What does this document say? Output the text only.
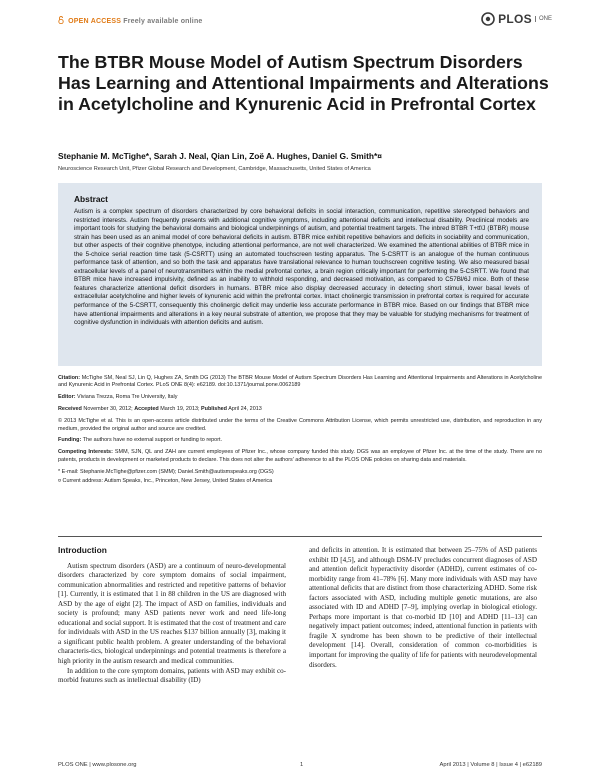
OPEN ACCESS Freely available online	PLOS	ONE
The BTBR Mouse Model of Autism Spectrum Disorders Has Learning and Attentional Impairments and Alterations in Acetylcholine and Kynurenic Acid in Prefrontal Cortex

Stephanie M. McTighe*, Sarah J. Neal, Qian Lin, Zoë A. Hughes, Daniel G. Smith*¤

Neuroscience Research Unit, Pfizer Global Research and Development, Cambridge, Massachusetts, United States of America

Abstract

Autism is a complex spectrum of disorders characterized by core behavioral deficits in social interaction, communication, repetitive stereotyped behaviors and restricted interests. Autism frequently presents with additional cognitive symptoms, including attentional deficits and intellectual disability. Preclinical models are important tools for studying the behavioral domains and biological underpinnings of autism, and potential treatment targets. The inbred BTBR T+tf/J (BTBR) mouse strain has been used as an animal model of core behavioral deficits in autism. BTBR mice exhibit repetitive behaviors and deficits in sociability and communication, but other aspects of their cognitive phenotype, including attentional performance, are not well characterized. We examined the attentional abilities of BTBR mice in the 5-choice serial reaction time task (5-CSRTT) using an automated touchscreen testing apparatus. The 5-CSRTT is an analogue of the human continuous performance task of attention, and so both the task and apparatus have translational relevance to human touchscreen cognitive testing. We also measured basal extracellular levels of a panel of neurotransmitters within the medial prefrontal cortex, a brain region critically important for performing the 5-CSRTT. We found that BTBR mice have increased impulsivity, defined as an inability to withhold responding, and decreased motivation, as compared to C57Bl/6J mice. Both of these features characterize attentional deficit disorders in humans. BTBR mice also display decreased accuracy in detecting short stimuli, lower basal levels of extracellular acetylcholine and higher levels of kynurenic acid within the prefrontal cortex. Intact cholinergic transmission in prefrontal cortex is required for accurate performance of the 5-CSRTT, consequently this cholinergic deficit may underlie less accurate performance in BTBR mice. Based on our findings that BTBR mice have attentional impairments and alterations in a key neural substrate of attention, we propose that they may be valuable for studying mechanisms for treatment of cognitive dysfunction in individuals with attention deficits and autism.

Citation: McTighe SM, Neal SJ, Lin Q, Hughes ZA, Smith DG (2013) The BTBR Mouse Model of Autism Spectrum Disorders Has Learning and Attentional Impairments and Alterations in Acetylcholine and Kynurenic Acid in Prefrontal Cortex. PLoS ONE 8(4): e62189. doi:10.1371/journal.pone.0062189

Editor: Viviana Trezza, Roma Tre University, Italy

Received November 30, 2012; Accepted March 19, 2013; Published April 24, 2013

© 2013 McTighe et al. This is an open-access article distributed under the terms of the Creative Commons Attribution License, which permits unrestricted use, distribution, and reproduction in any medium, provided the original author and source are credited.

Funding: The authors have no external support or funding to report.

Competing Interests: SMM, SJN, QL and ZAH are current employees of Pfizer Inc., whose company funded this study. DGS was an employee of Pfizer Inc. at the time of the study. There are no patents, products in development or marketed products to declare. This does not alter the authors' adherence to all the PLOS ONE policies on sharing data and materials.

* E-mail: Stephanie.McTighe@pfizer.com (SMM); Daniel.Smith@autismspeaks.org (DGS)

¤ Current address: Autism Speaks, Inc., Princeton, New Jersey, United States of America

Introduction

Autism spectrum disorders (ASD) are a continuum of neuro-developmental disorders characterized by core symptom domains of social impairment, communication abnormalities and restricted and repetitive patterns of behavior [1]. Currently, it is estimated that 1 in 88 children in the US are diagnosed with ASD by the age of eight [2]. The impact of ASD on families, individuals and society is profound; many ASD patients never work and need life-long educational and social support. It is estimated that the cost of treatment and care for individuals with ASD in the US reaches $137 billion annually [3], making it a significant public health problem. A greater understanding of the behavioral characteris-tics, biological underpinnings and potential treatments is therefore a high priority in the autism research and medical communities.

In addition to the core symptom domains, patients with ASD may exhibit co-morbid features such as intellectual disability (ID)

and deficits in attention. It is estimated that between 25–75% of ASD patients exhibit ID [4,5], and although DSM-IV precludes concurrent diagnoses of ASD and attention deficit hyperactivity disorder (ADHD), current estimates of co-morbidity range from 41–78% [6]. Many more individuals with ASD may have attentional deficits that are distinct from those characterizing ADHD. Some risk factors associated with ASD, including multiple genetic mutations, are also associated with ID and ADHD [7–9], implying overlap in biological etiology. Perhaps more important is that co-morbid ID [10] and ADHD [11–13] can negatively impact patient outcomes; indeed, attentional function in patients with fragile X syndrome has been shown to be predictive of their intellectual development [14]. Overall, consideration of common co-morbidities is important for improving the quality of life for patients with neurodevelopmental disorders.

PLOS ONE | www.plosone.org	1	April 2013 | Volume 8 | Issue 4 | e62189
